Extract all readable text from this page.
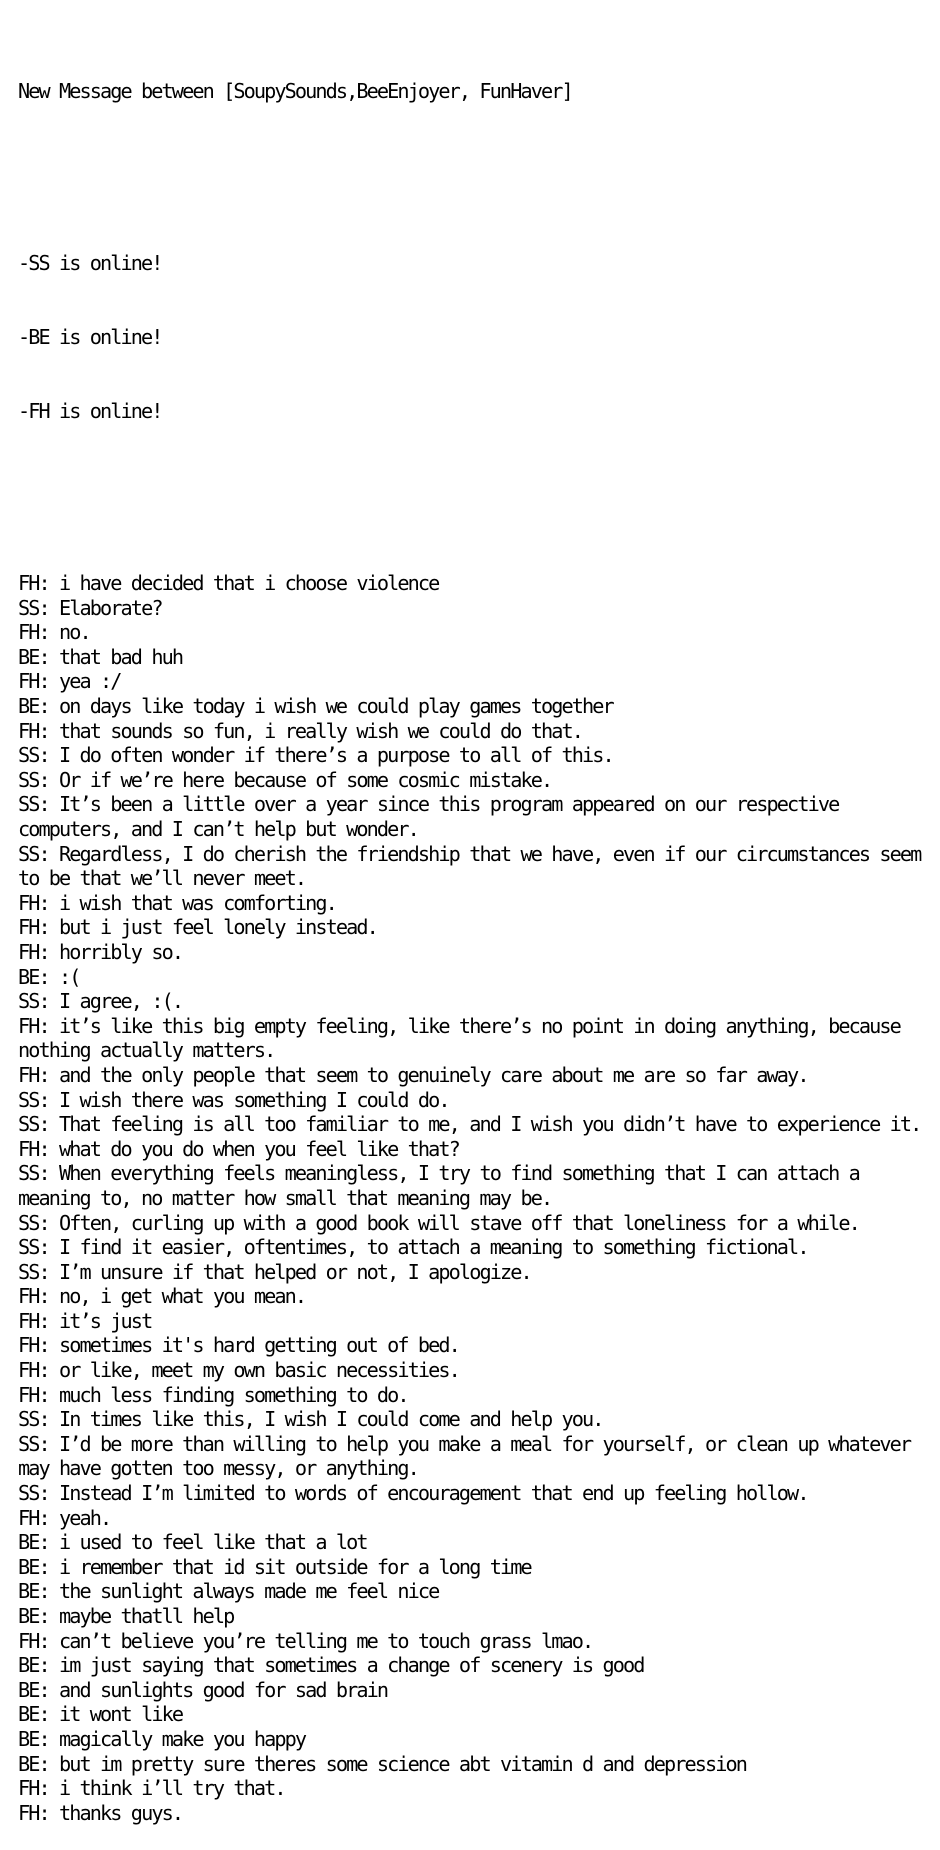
New Message between [SoupySounds,BeeEnjoyer, FunHaver]

-SS is online!

-BE is online!

-FH is online!

FH : i have decided that i choose violence
SS : Elaborate?
FH : no.
BE : that bad huh
FH : yea :/
BE : on days like today i wish we could play games together
FH : that sounds so fun, i really wish we could do that.
SS : I do often wonder if there’s a purpose to all of this.
SS : Or if we’re here because of some cosmic mistake.
SS : It’s been a little over a year since this program appeared on our respective computers, and I can’t help but wonder.
SS : Regardless, I do cherish the friendship that we have, even if our circumstances seem to be that we’ll never meet.
FH : i wish that was comforting.
FH : but i just feel lonely instead.
FH : horribly so.
BE : :(
SS : I agree, :(.
FH : it’s like this big empty feeling, like there’s no point in doing anything, because nothing actually matters.
FH : and the only people that seem to genuinely care about me are so far away.
SS : I wish there was something I could do.
SS : That feeling is all too familiar to me, and I wish you didn’t have to experience it.
FH : what do you do when you feel like that?
SS : When everything feels meaningless, I try to find something that I can attach a meaning to, no matter how small that meaning may be.
SS : Often, curling up with a good book will stave off that loneliness for a while.
SS : I find it easier, oftentimes, to attach a meaning to something fictional.
SS : I’m unsure if that helped or not, I apologize.
FH : no, i get what you mean.
FH : it’s just
FH : sometimes it's hard getting out of bed.
FH : or like, meet my own basic necessities.
FH : much less finding something to do.
SS : In times like this, I wish I could come and help you.
SS : I’d be more than willing to help you make a meal for yourself, or clean up whatever may have gotten too messy, or anything.
SS : Instead I’m limited to words of encouragement that end up feeling hollow.
FH : yeah.
BE : i used to feel like that a lot
BE : i remember that id sit outside for a long time
BE : the sunlight always made me feel nice
BE : maybe thatll help
FH : can’t believe you’re telling me to touch grass lmao.
BE : im just saying that sometimes a change of scenery is good
BE : and sunlights good for sad brain
BE : it wont like
BE : magically make you happy
BE : but im pretty sure theres some science abt vitamin d and depression
FH : i think i’ll try that.
FH : thanks guys.
